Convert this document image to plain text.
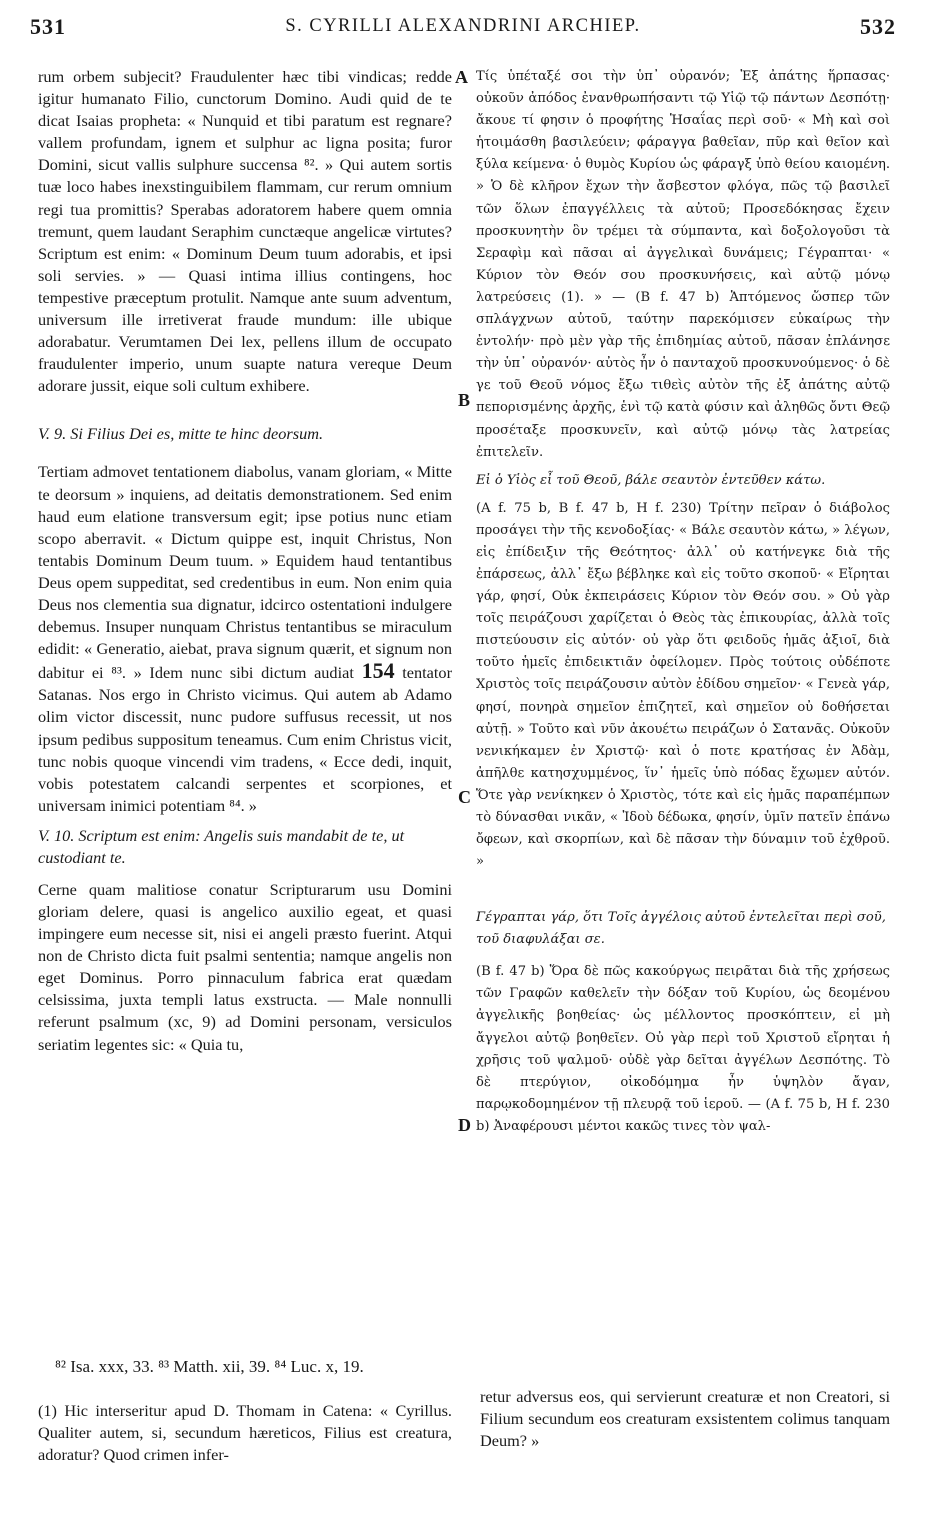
531	S. CYRILLI ALEXANDRINI ARCHIEP.	532
A
B
C
D

rum orbem subjecit? Fraudulenter hæc tibi vindicas; redde igitur humanato Filio, cunctorum Domino. Audi quid de te dicat Isaias propheta: « Nunquid et tibi paratum est regnare? vallem profundam, ignem et sulphur ac ligna posita; furor Domini, sicut vallis sulphure succensa ⁸². » Qui autem sortis tuæ loco habes inexstinguibilem flammam, cur rerum omnium regi tua promittis? Sperabas adoratorem habere quem omnia tremunt, quem laudant Seraphim cunctæque angelicæ virtutes? Scriptum est enim: « Dominum Deum tuum adorabis, et ipsi soli servies. » — Quasi intima illius contingens, hoc tempestive præceptum protulit. Namque ante suum adventum, universum ille irretiverat fraude mundum: ille ubique adorabatur. Verumtamen Dei lex, pellens illum de occupato fraudulenter imperio, unum suapte natura vereque Deum adorare jussit, eique soli cultum exhibere.

V. 9. Si Filius Dei es, mitte te hinc deorsum.

Tertiam admovet tentationem diabolus, vanam gloriam, « Mitte te deorsum » inquiens, ad deitatis demonstrationem. Sed enim haud eum elatione transversum egit; ipse potius nunc etiam scopo aberravit. « Dictum quippe est, inquit Christus, Non tentabis Dominum Deum tuum. » Equidem haud tentantibus Deus opem suppeditat, sed credentibus in eum. Non enim quia Deus nos clementia sua dignatur, idcirco ostentationi indulgere debemus. Insuper nunquam Christus tentantibus se miraculum edidit: « Generatio, aiebat, prava signum quærit, et signum non dabitur ei ⁸³. » Idem nunc sibi dictum audiat 154 tentator Satanas. Nos ergo in Christo vicimus. Qui autem ab Adamo olim victor discessit, nunc pudore suffusus recessit, ut nos ipsum pedibus suppositum teneamus. Cum enim Christus vicit, tunc nobis quoque vincendi vim tradens, « Ecce dedi, inquit, vobis potestatem calcandi serpentes et scorpiones, et universam inimici potentiam ⁸⁴. »

V. 10. Scriptum est enim: Angelis suis mandabit de te, ut custodiant te.

Cerne quam malitiose conatur Scripturarum usu Domini gloriam delere, quasi is angelico auxilio egeat, et quasi impingere eum necesse sit, nisi ei angeli præsto fuerint. Atqui non de Christo dicta fuit psalmi sententia; namque angelis non eget Dominus. Porro pinnaculum fabrica erat quædam celsissima, juxta templi latus exstructa. — Male nonnulli referunt psalmum (xc, 9) ad Domini personam, versiculos seriatim legentes sic: « Quia tu,

Τίς ὑπέταξέ σοι τὴν ὑπ᾽ οὐρανόν; Ἐξ ἀπάτης ἥρπασας· οὐκοῦν ἀπόδος ἐνανθρωπήσαντι τῷ Υἱῷ τῷ πάντων Δεσπότῃ· ἄκουε τί φησιν ὁ προφήτης Ἡσαΐας περὶ σοῦ· « Μὴ καὶ σοὶ ἡτοιμάσθη βασιλεύειν; φάραγγα βαθεῖαν, πῦρ καὶ θεῖον καὶ ξύλα κείμενα· ὁ θυμὸς Κυρίου ὡς φάραγξ ὑπὸ θείου καιομένη. » Ὁ δὲ κλῆρον ἔχων τὴν ἄσβεστον φλόγα, πῶς τῷ βασιλεῖ τῶν ὅλων ἐπαγγέλλεις τὰ αὐτοῦ; Προσεδόκησας ἔχειν προσκυνητὴν ὃν τρέμει τὰ σύμπαντα, καὶ δοξολογοῦσι τὰ Σεραφὶμ καὶ πᾶσαι αἱ ἀγγελικαὶ δυνάμεις; Γέγραπται· « Κύριον τὸν Θεόν σου προσκυνήσεις, καὶ αὐτῷ μόνῳ λατρεύσεις (1). » — (B f. 47 b) Ἁπτόμενος ὥσπερ τῶν σπλάγχνων αὐτοῦ, ταύτην παρεκόμισεν εὐκαίρως τὴν ἐντολήν· πρὸ μὲν γὰρ τῆς ἐπιδημίας αὐτοῦ, πᾶσαν ἐπλάνησε τὴν ὑπ᾽ οὐρανόν· αὐτὸς ἦν ὁ πανταχοῦ προσκυνούμενος· ὁ δὲ γε τοῦ Θεοῦ νόμος ἔξω τιθεὶς αὐτὸν τῆς ἐξ ἀπάτης αὐτῷ πεπορισμένης ἀρχῆς, ἑνὶ τῷ κατὰ φύσιν καὶ ἀληθῶς ὄντι Θεῷ προσέταξε προσκυνεῖν, καὶ αὐτῷ μόνῳ τὰς λατρείας ἐπιτελεῖν.

Εἰ ὁ Υἱὸς εἶ τοῦ Θεοῦ, βάλε σεαυτὸν ἐντεῦθεν κάτω.

(A f. 75 b, B f. 47 b, H f. 230) Τρίτην πεῖραν ὁ διάβολος προσάγει τὴν τῆς κενοδοξίας· « Βάλε σεαυτὸν κάτω, » λέγων, εἰς ἐπίδειξιν τῆς Θεότητος· ἀλλ᾽ οὐ κατήνεγκε διὰ τῆς ἐπάρσεως, ἀλλ᾽ ἔξω βέβληκε καὶ εἰς τοῦτο σκοποῦ· « Εἴρηται γάρ, φησί, Οὐκ ἐκπειράσεις Κύριον τὸν Θεόν σου. » Οὐ γὰρ τοῖς πειράζουσι χαρίζεται ὁ Θεὸς τὰς ἐπικουρίας, ἀλλὰ τοῖς πιστεύουσιν εἰς αὐτόν· οὐ γὰρ ὅτι φειδοῦς ἡμᾶς ἀξιοῖ, διὰ τοῦτο ἡμεῖς ἐπιδεικτιᾶν ὀφείλομεν. Πρὸς τούτοις οὐδέποτε Χριστὸς τοῖς πειράζουσιν αὐτὸν ἐδίδου σημεῖον· « Γενεὰ γάρ, φησί, πονηρὰ σημεῖον ἐπιζητεῖ, καὶ σημεῖον οὐ δοθήσεται αὐτῇ. » Τοῦτο καὶ νῦν ἀκουέτω πειράζων ὁ Σατανᾶς. Οὐκοῦν νενικήκαμεν ἐν Χριστῷ· καὶ ὁ ποτε κρατήσας ἐν Ἀδὰμ, ἀπῆλθε κατησχυμμένος, ἵν᾽ ἡμεῖς ὑπὸ πόδας ἔχωμεν αὐτόν. Ὅτε γὰρ νενίκηκεν ὁ Χριστὸς, τότε καὶ εἰς ἡμᾶς παραπέμπων τὸ δύνασθαι νικᾶν, « Ἰδοὺ δέδωκα, φησίν, ὑμῖν πατεῖν ἐπάνω ὄφεων, καὶ σκορπίων, καὶ δὲ πᾶσαν τὴν δύναμιν τοῦ ἐχθροῦ. »

Γέγραπται γάρ, ὅτι Τοῖς ἀγγέλοις αὐτοῦ ἐντελεῖται περὶ σοῦ, τοῦ διαφυλάξαι σε.

(B f. 47 b) Ὅρα δὲ πῶς κακούργως πειρᾶται διὰ τῆς χρήσεως τῶν Γραφῶν καθελεῖν τὴν δόξαν τοῦ Κυρίου, ὡς δεομένου ἀγγελικῆς βοηθείας· ὡς μέλλοντος προσκόπτειν, εἰ μὴ ἄγγελοι αὐτῷ βοηθεῖεν. Οὐ γὰρ περὶ τοῦ Χριστοῦ εἴρηται ἡ χρῆσις τοῦ ψαλμοῦ· οὐδὲ γὰρ δεῖται ἀγγέλων Δεσπότης. Τὸ δὲ πτερύγιον, οἰκοδόμημα ἦν ὑψηλὸν ἄγαν, παρῳκοδομημένον τῇ πλευρᾷ τοῦ ἱεροῦ. — (A f. 75 b, H f. 230 b) Ἀναφέρουσι μέντοι κακῶς τινες τὸν ψαλ-

⁸² Isa. xxx, 33. ⁸³ Matth. xii, 39. ⁸⁴ Luc. x, 19.
(1) Hic interseritur apud D. Thomam in Catena: « Cyrillus. Qualiter autem, si, secundum hæreticos, Filius est creatura, adoratur? Quod crimen infer-
retur adversus eos, qui servierunt creaturæ et non Creatori, si Filium secundum eos creaturam exsistentem colimus tanquam Deum? »
